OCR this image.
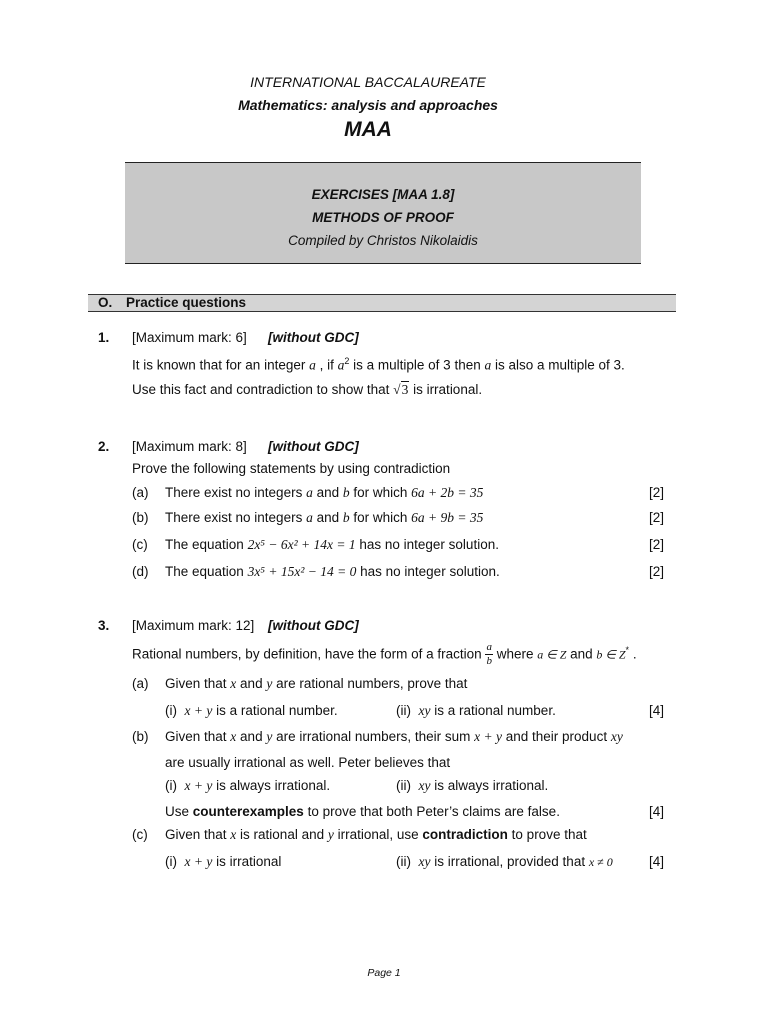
INTERNATIONAL BACCALAUREATE
Mathematics: analysis and approaches
MAA
EXERCISES [MAA 1.8]
METHODS OF PROOF
Compiled by Christos Nikolaidis
O. Practice questions
1. [Maximum mark: 6] [without GDC]
It is known that for an integer a , if $a^2$ is a multiple of 3 then a is also a multiple of 3.
Use this fact and contradiction to show that √3 is irrational.
2. [Maximum mark: 8] [without GDC]
Prove the following statements by using contradiction
(a) There exist no integers a and b for which 6a + 2b = 35	[2]
(b) There exist no integers a and b for which 6a + 9b = 35	[2]
(c) The equation 2x⁵ − 6x² + 14x = 1 has no integer solution.	[2]
(d) The equation 3x⁵ + 15x² − 14 = 0 has no integer solution.	[2]
3. [Maximum mark: 12] [without GDC]
Rational numbers, by definition, have the form of a fraction $\frac{a}{b}$ where a ∈ Z and b ∈ Z* .
(a) Given that x and y are rational numbers, prove that
(i) x + y is a rational number.	(ii) xy is a rational number.	[4]
(b) Given that x and y are irrational numbers, their sum x + y and their product xy
are usually irrational as well. Peter believes that
(i) x + y is always irrational.	(ii) xy is always irrational.
Use counterexamples to prove that both Peter’s claims are false.	[4]
(c) Given that x is rational and y irrational, use contradiction to prove that
(i) x + y is irrational	(ii) xy is irrational, provided that x ≠ 0	[4]
Page 1
